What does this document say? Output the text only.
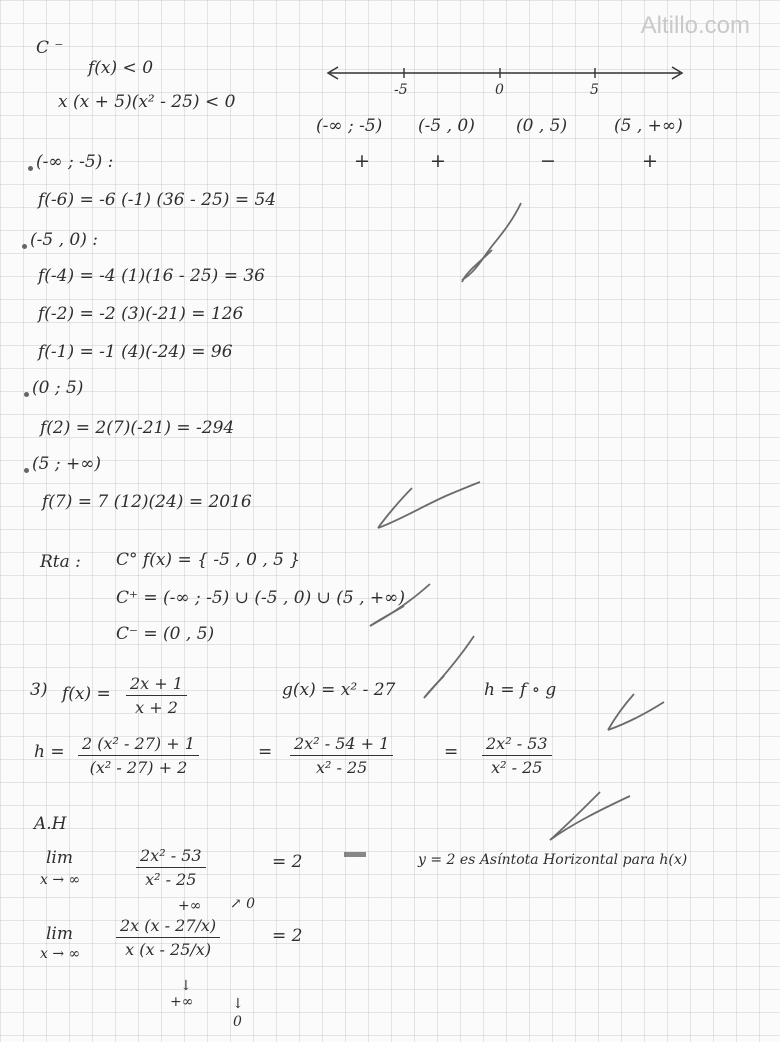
Altillo.com
C ⁻
f(x) < 0
x (x + 5)(x² - 25) < 0
-5	0	5
(-∞ ; -5) (-5 , 0) (0 , 5)	(5 , +∞)
+	+	−	+
(-∞ ; -5) :
f(-6) = -6 (-1) (36 - 25) = 54
(-5 , 0) :
f(-4) = -4 (1)(16 - 25) = 36
f(-2) = -2 (3)(-21) = 126
f(-1) = -1 (4)(-24) = 96
(0 ; 5)
f(2) = 2(7)(-21) = -294
(5 ; +∞)
f(7) = 7 (12)(24) = 2016
Rta : C° f(x) = { -5 , 0 , 5 }
C⁺ = (-∞ ; -5) ∪ (-5 , 0) ∪ (5 , +∞)
C⁻ = (0 , 5)
3) $f(x) = \frac{2x + 1}{x + 2}$	g(x) = x² - 27	h = f ∘ g
$h = \frac{\text{2 (x² - 27) + 1}}{\text{(x² - 27) + 2}}$	= $\frac{\text{2x² - 54 + 1}}{\text{x² - 25}}$	= $\frac{\text{2x² - 53}}{\text{x² - 25}}$
A.H
lim
x → ∞	$\frac{\text{2x² - 53}}{\text{x² - 25}}$	= 2	y = 2 es Asíntota Horizontal para h(x)
+∞ ↗ 0
lim
x → ∞ $\frac{2x (x - 27/x)}{x (x - 25/x)}$	= 2
↓
+∞	↓
0
